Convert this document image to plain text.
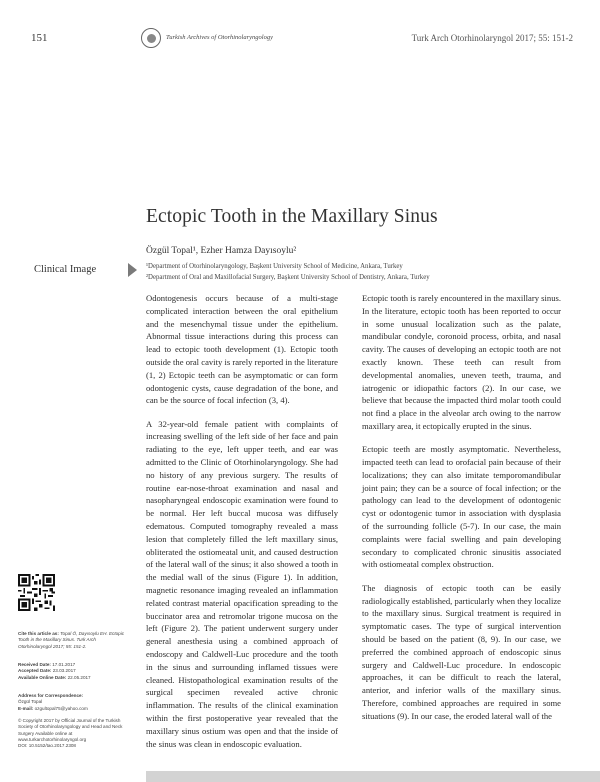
151	Turkish Archives of Otorhinolaryngology	Turk Arch Otorhinolaryngol 2017; 55: 151-2
Ectopic Tooth in the Maxillary Sinus
Özgül Topal¹, Ezher Hamza Dayısoylu²
¹Department of Otorhinolaryngology, Başkent University School of Medicine, Ankara, Turkey
²Department of Oral and Maxillofacial Surgery, Başkent University School of Dentistry, Ankara, Turkey
Clinical Image

Odontogenesis occurs because of a multi-stage complicated interaction between the oral epithelium and the mesenchymal tissue under the epithelium. Abnormal tissue interactions during this process can lead to ectopic tooth development (1). Ectopic tooth outside the oral cavity is rarely reported in the literature (1, 2) Ectopic teeth can be asymptomatic or can form odontogenic cysts, cause degradation of the bone, and can be the source of focal infection (3, 4).

A 32-year-old female patient with complaints of increasing swelling of the left side of her face and pain radiating to the eye, left upper teeth, and ear was admitted to the Clinic of Otorhinolaryngology. She had no history of any previous surgery. The results of routine ear-nose-throat examination and nasal and nasopharyngeal endoscopic examination were found to be normal. Her left buccal mucosa was diffusely edematous. Computed tomography revealed a mass lesion that completely filled the left maxillary sinus, obliterated the ostiomeatal unit, and caused destruction of the lateral wall of the sinus; it also showed a tooth in the medial wall of the sinus (Figure 1). In addition, magnetic resonance imaging revealed an inflammation related contrast material opacification spreading to the buccinator area and retromolar trigone mucosa on the left (Figure 2). The patient underwent surgery under general anesthesia using a combined approach of endoscopy and Caldwell-Luc procedure and the tooth in the sinus and surrounding inflamed tissues were cleaned. Histopathological examination results of the surgical specimen revealed active chronic inflammation. The results of the clinical examination within the first postoperative year revealed that the maxillary sinus ostium was open and that the inside of the sinus was clean in endoscopic evaluation.

Ectopic tooth is rarely encountered in the maxillary sinus. In the literature, ectopic tooth has been reported to occur in some unusual localization such as the palate, mandibular condyle, coronoid process, orbita, and nasal cavity. The causes of developing an ectopic tooth are not exactly known. These teeth can result from developmental anomalies, uneven teeth, trauma, and iatrogenic or idiopathic factors (2). In our case, we believe that because the impacted third molar tooth could not find a place in the alveolar arch owing to the narrow maxillary area, it ectopically erupted in the sinus.

Ectopic teeth are mostly asymptomatic. Nevertheless, impacted teeth can lead to orofacial pain because of their localizations; they can also imitate temporomandibular joint pain; they can be a source of focal infection; or the pathology can lead to the development of odontogenic cyst or odontogenic tumor in association with dysplasia of the surrounding follicle (5-7). In our case, the main complaints were facial swelling and pain developing secondary to complicated chronic sinusitis associated with ostiomeatal complex obstruction.

The diagnosis of ectopic tooth can be easily radiologically established, particularly when they localize to the maxillary sinus. Surgical treatment is required in symptomatic cases. The type of surgical intervention should be based on the patient (8, 9). In our case, we preferred the combined approach of endoscopic sinus surgery and Caldwell-Luc procedure. In endoscopic approaches, it can be difficult to reach the lateral, anterior, and inferior walls of the maxillary sinus. Therefore, combined approaches are required in some situations (9). In our case, the eroded lateral wall of the

Cite this article as: Topal Ö, Dayısoylu EH. Ectopic Tooth in the Maxillary Sinus. Turk Arch Otorhinolaryngol 2017; 55: 151-2.
Received Date: 17.01.2017
Accepted Date: 23.03.2017
Available Online Date: 22.05.2017
Address for Correspondence:
Özgül Topal
E-mail: ozgultopal75@yahoo.com
© Copyright 2017 by Official Journal of the Turkish Society of Otorhinolaryngology and Head and Neck Surgery Available online at www.turkarchotorhinolaryngol.org
DOI: 10.5152/tao.2017.2308
